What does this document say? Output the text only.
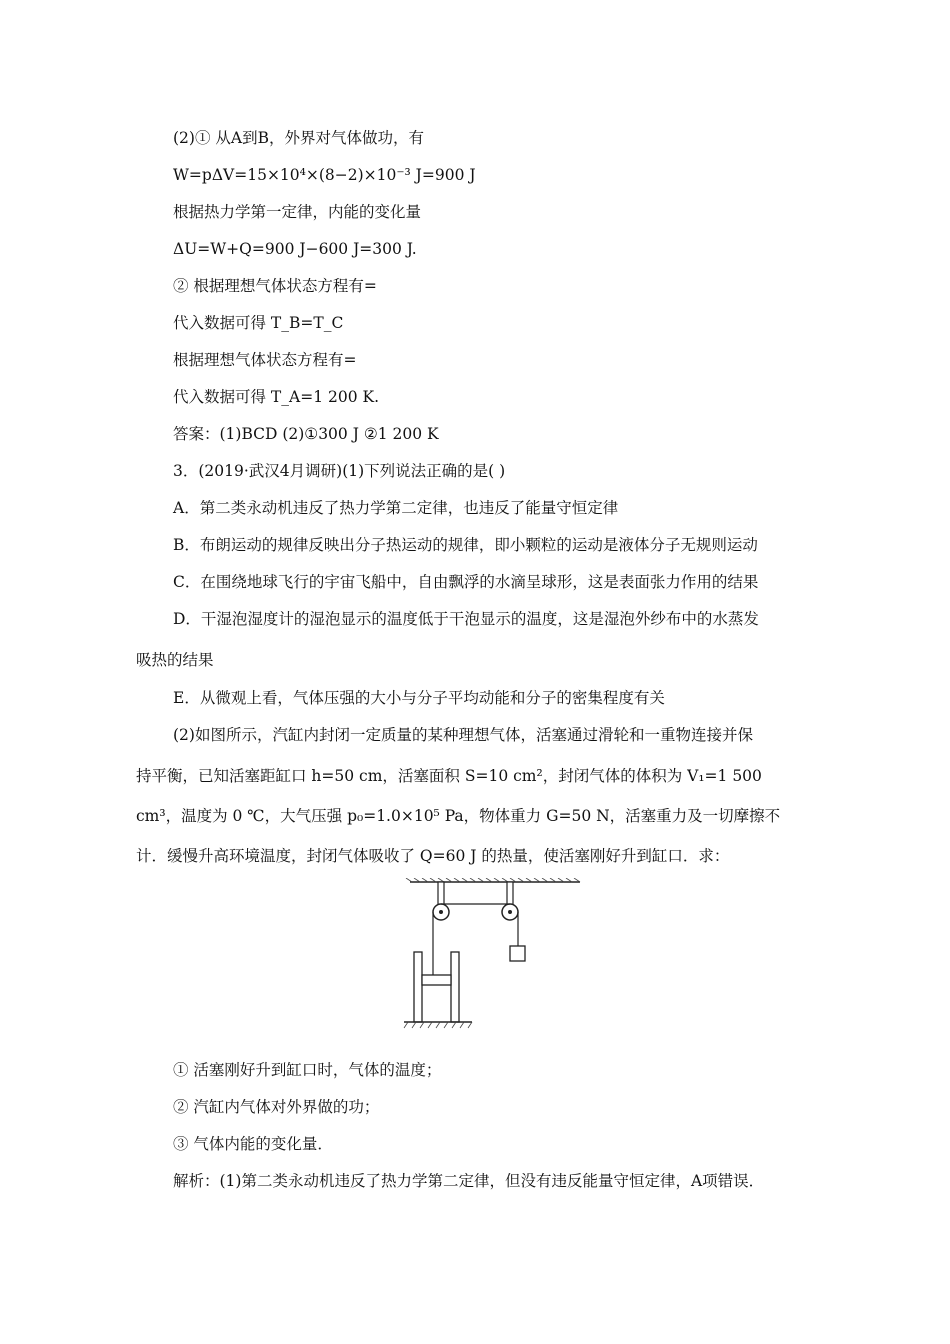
(2)① 从A到B，外界对气体做功，有
W=pΔV=15×10⁴×(8−2)×10⁻³ J=900 J
根据热力学第一定律，内能的变化量
ΔU=W+Q=900 J−600 J=300 J.
② 根据理想气体状态方程有=
代入数据可得 T_B=T_C
根据理想气体状态方程有=
代入数据可得 T_A=1 200 K.
答案：(1)BCD (2)①300 J ②1 200 K
3．(2019·武汉4月调研)(1)下列说法正确的是( )
A．第二类永动机违反了热力学第二定律，也违反了能量守恒定律
B．布朗运动的规律反映出分子热运动的规律，即小颗粒的运动是液体分子无规则运动
C．在围绕地球飞行的宇宙飞船中，自由飘浮的水滴呈球形，这是表面张力作用的结果
D．干湿泡湿度计的湿泡显示的温度低于干泡显示的温度，这是湿泡外纱布中的水蒸发
吸热的结果
E．从微观上看，气体压强的大小与分子平均动能和分子的密集程度有关
(2)如图所示，汽缸内封闭一定质量的某种理想气体，活塞通过滑轮和一重物连接并保
持平衡，已知活塞距缸口 h=50 cm，活塞面积 S=10 cm²，封闭气体的体积为 V₁=1 500
cm³，温度为 0 ℃，大气压强 p₀=1.0×10⁵ Pa，物体重力 G=50 N，活塞重力及一切摩擦不
计．缓慢升高环境温度，封闭气体吸收了 Q=60 J 的热量，使活塞刚好升到缸口．求：
① 活塞刚好升到缸口时，气体的温度；
② 汽缸内气体对外界做的功；
③ 气体内能的变化量．
解析：(1)第二类永动机违反了热力学第二定律，但没有违反能量守恒定律，A项错误．
